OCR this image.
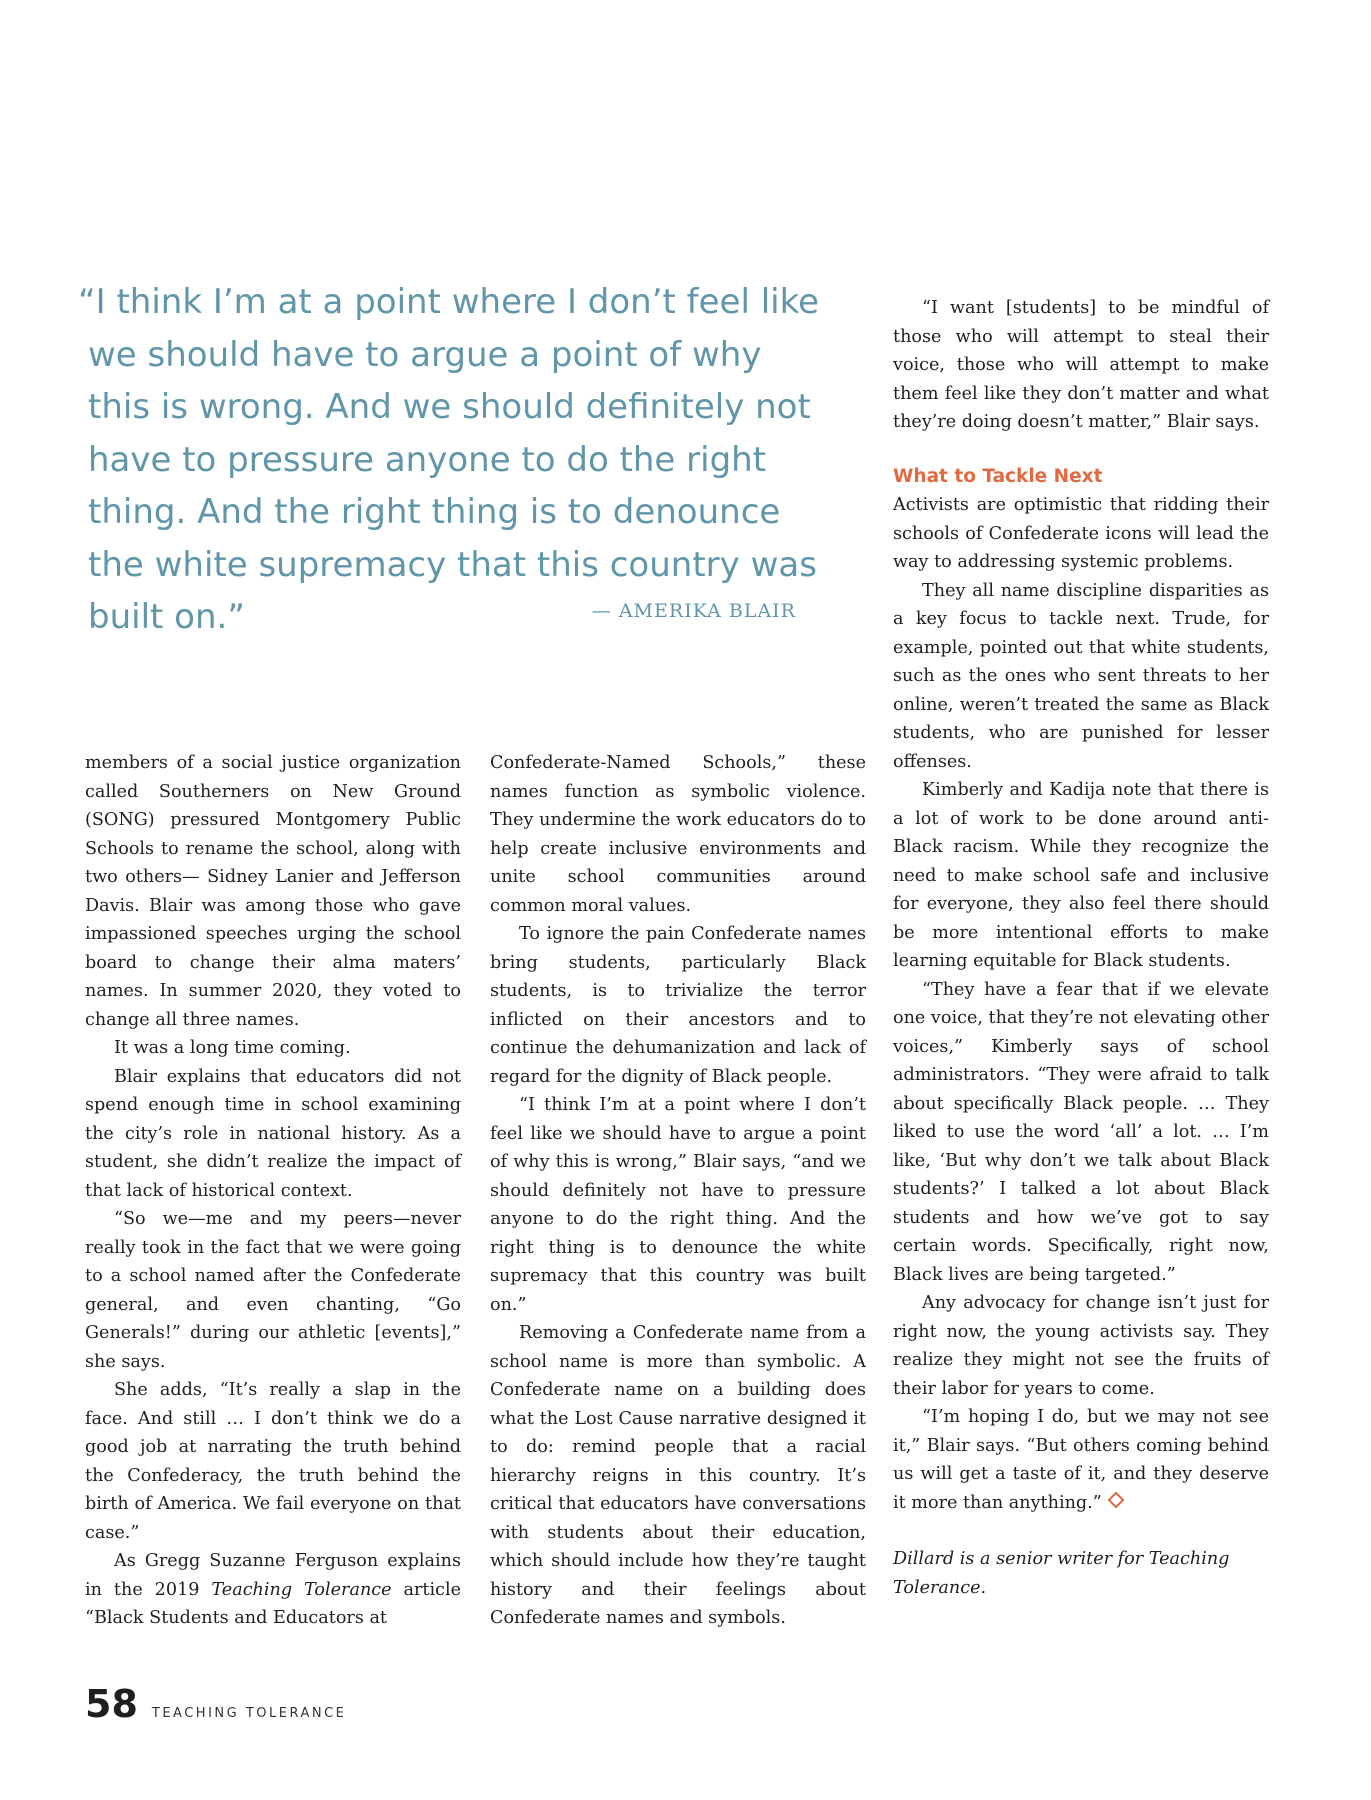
“I think I’m at a point where I don’t feel like we should have to argue a point of why this is wrong. And we should definitely not have to pressure anyone to do the right thing. And the right thing is to denounce the white supremacy that this country was built on.”	— AMERIKA BLAIR

members of a social justice organization called Southerners on New Ground (SONG) pressured Montgomery Public Schools to rename the school, along with two others— Sidney Lanier and Jefferson Davis. Blair was among those who gave impassioned speeches urging the school board to change their alma maters’ names. In summer 2020, they voted to change all three names.

It was a long time coming.

Blair explains that educators did not spend enough time in school examining the city’s role in national history. As a student, she didn’t realize the impact of that lack of historical context.

“So we—me and my peers—never really took in the fact that we were going to a school named after the Confederate general, and even chanting, “Go Generals!” during our athletic [events],” she says.

She adds, “It’s really a slap in the face. And still … I don’t think we do a good job at narrating the truth behind the Confederacy, the truth behind the birth of America. We fail everyone on that case.”

As Gregg Suzanne Ferguson explains in the 2019 Teaching Tolerance article “Black Students and Educators at

Confederate-Named Schools,” these names function as symbolic violence. They undermine the work educators do to help create inclusive environments and unite school communities around common moral values.

To ignore the pain Confederate names bring students, particularly Black students, is to trivialize the terror inflicted on their ancestors and to continue the dehumanization and lack of regard for the dignity of Black people.

“I think I’m at a point where I don’t feel like we should have to argue a point of why this is wrong,” Blair says, “and we should definitely not have to pressure anyone to do the right thing. And the right thing is to denounce the white supremacy that this country was built on.”

Removing a Confederate name from a school name is more than symbolic. A Confederate name on a building does what the Lost Cause narrative designed it to do: remind people that a racial hierarchy reigns in this country. It’s critical that educators have conversations with students about their education, which should include how they’re taught history and their feelings about Confederate names and symbols.

“I want [students] to be mindful of those who will attempt to steal their voice, those who will attempt to make them feel like they don’t matter and what they’re doing doesn’t matter,” Blair says.

What to Tackle Next

Activists are optimistic that ridding their schools of Confederate icons will lead the way to addressing systemic problems.

They all name discipline disparities as a key focus to tackle next. Trude, for example, pointed out that white students, such as the ones who sent threats to her online, weren’t treated the same as Black students, who are punished for lesser offenses.

Kimberly and Kadija note that there is a lot of work to be done around anti-Black racism. While they recognize the need to make school safe and inclusive for everyone, they also feel there should be more intentional efforts to make learning equitable for Black students.

“They have a fear that if we elevate one voice, that they’re not elevating other voices,” Kimberly says of school administrators. “They were afraid to talk about specifically Black people. … They liked to use the word ‘all’ a lot. … I’m like, ‘But why don’t we talk about Black students?’ I talked a lot about Black students and how we’ve got to say certain words. Specifically, right now, Black lives are being targeted.”

Any advocacy for change isn’t just for right now, the young activists say. They realize they might not see the fruits of their labor for years to come.

“I’m hoping I do, but we may not see it,” Blair says. “But others coming behind us will get a taste of it, and they deserve it more than anything.”

Dillard is a senior writer for Teaching Tolerance.

58 TEACHING TOLERANCE
